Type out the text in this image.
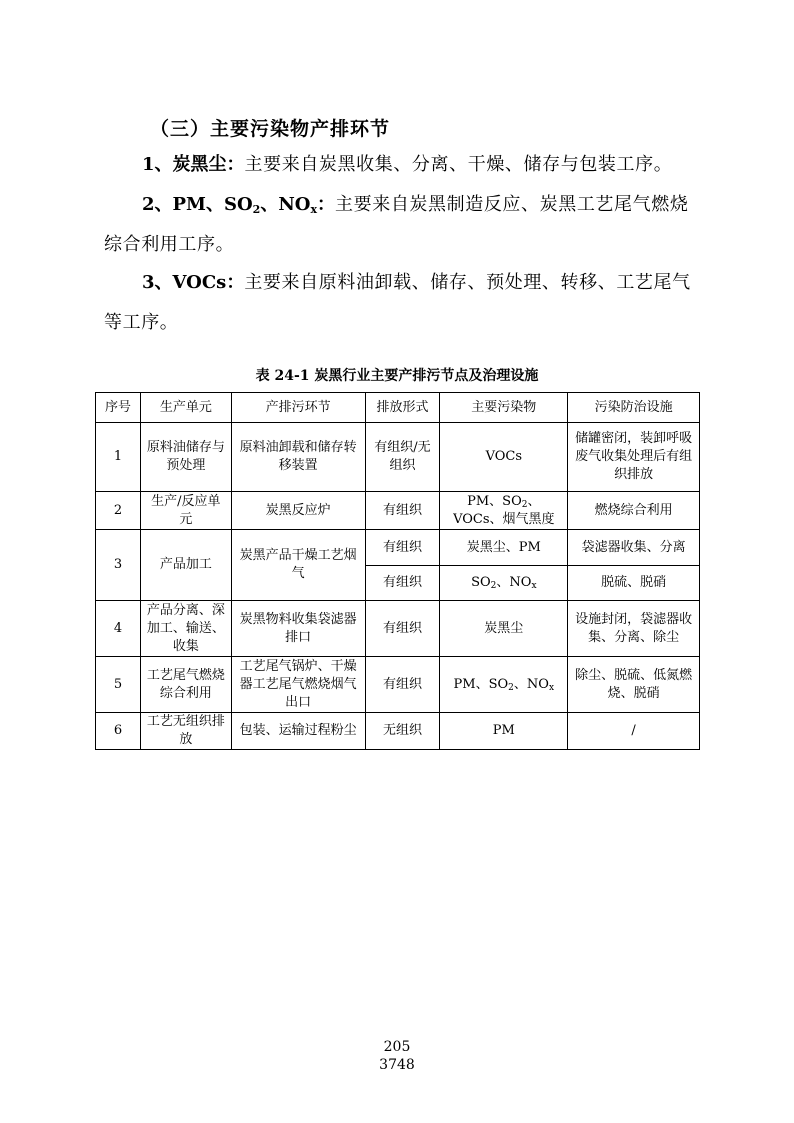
（三）主要污染物产排环节
1、炭黑尘：主要来自炭黑收集、分离、干燥、储存与包装工序。
2、PM、$SO_2$、$NO_x$：主要来自炭黑制造反应、炭黑工艺尾气燃烧综合利用工序。
3、VOCs：主要来自原料油卸载、储存、预处理、转移、工艺尾气等工序。
表 24-1 炭黑行业主要产排污节点及治理设施
序号	生产单元	产排污环节	排放形式	主要污染物	污染防治设施
1	原料油储存与预处理	原料油卸载和储存转移装置	有组织/无组织	VOCs	储罐密闭，装卸呼吸废气收集处理后有组织排放
2	生产/反应单元	炭黑反应炉	有组织	PM、$SO_2$、VOCs、烟气黑度	燃烧综合利用
3	产品加工	炭黑产品干燥工艺烟气	有组织	炭黑尘、PM	袋滤器收集、分离
			有组织	$SO_2$、$NO_x$	脱硫、脱硝
4	产品分离、深加工、输送、收集	炭黑物料收集袋滤器排口	有组织	炭黑尘	设施封闭，袋滤器收集、分离、除尘
5	工艺尾气燃烧综合利用	工艺尾气锅炉、干燥器工艺尾气燃烧烟气出口	有组织	PM、$SO_2$、$NO_x$	除尘、脱硫、低氮燃烧、脱硝
6	工艺无组织排放	包装、运输过程粉尘	无组织	PM	/
205
3748
